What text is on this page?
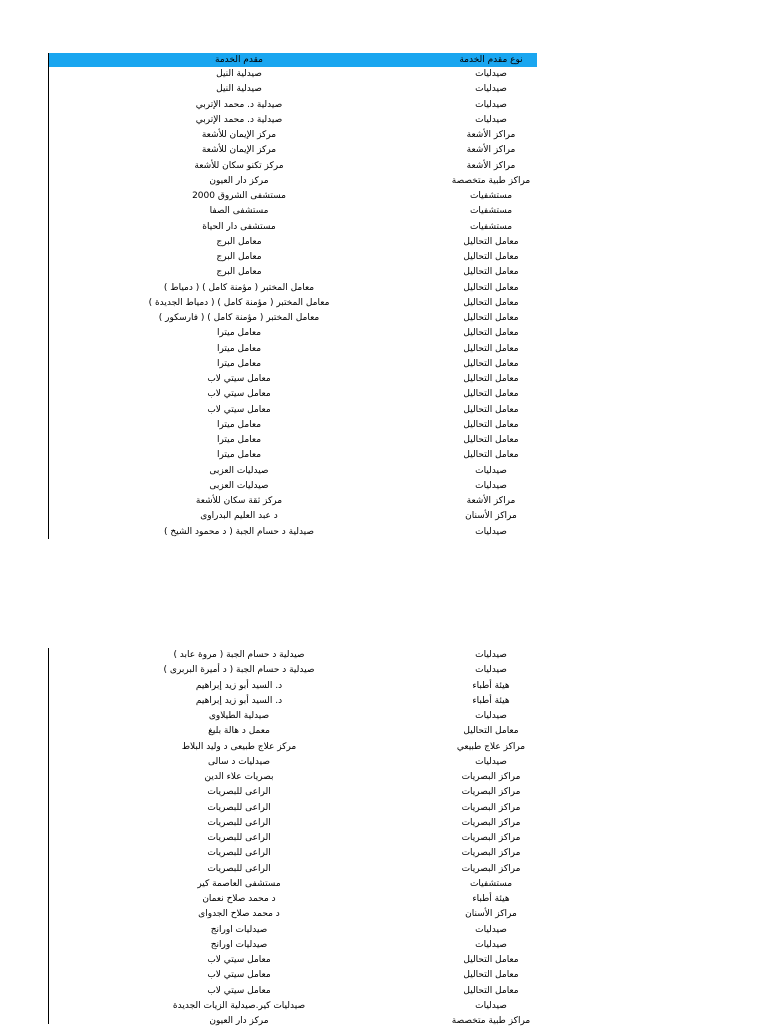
مقدم الخدمة	نوع مقدم الخدمة
صيدلية النيل	صيدليات
صيدلية النيل	صيدليات
صيدلية د. محمد الإتربي	صيدليات
صيدلية د. محمد الإتربي	صيدليات
مركز الإيمان للأشعة	مراكز الأشعة
مركز الإيمان للأشعة	مراكز الأشعة
مركز تكنو سكان للأشعة	مراكز الأشعة
مركز دار العيون	مراكز طبية متخصصة
مستشفى الشروق 2000	مستشفيات
مستشفى الصفا	مستشفيات
مستشفى دار الحياة	مستشفيات
معامل البرج	معامل التحاليل
معامل البرج	معامل التحاليل
معامل البرج	معامل التحاليل
معامل المختبر ( مؤمنة كامل ) ( دمياط )	معامل التحاليل
معامل المختبر ( مؤمنة كامل ) ( دمياط الجديدة )	معامل التحاليل
معامل المختبر ( مؤمنة كامل ) ( فارسكور )	معامل التحاليل
معامل ميترا	معامل التحاليل
معامل ميترا	معامل التحاليل
معامل ميترا	معامل التحاليل
معامل سيتي لاب	معامل التحاليل
معامل سيتي لاب	معامل التحاليل
معامل سيتي لاب	معامل التحاليل
معامل ميترا	معامل التحاليل
معامل ميترا	معامل التحاليل
معامل ميترا	معامل التحاليل
صيدليات العزبى	صيدليات
صيدليات العزبى	صيدليات
مركز ثقة سكان للأشعة	مراكز الأشعة
د عبد العليم البدراوى	مراكز الأسنان
صيدلية د حسام الجبة ( د محمود الشيخ )	صيدليات
صيدلية د حسام الجبة ( مروة عابد )	صيدليات
صيدلية د حسام الجبة ( د أميرة البربرى )	صيدليات
د. السيد أبو زيد إبراهيم	هيئة أطباء
د. السيد أبو زيد إبراهيم	هيئة أطباء
صيدلية الطيلاوى	صيدليات
معمل د هالة بليغ	معامل التحاليل
مركز علاج طبيعى د وليد البلاط	مراكز علاج طبيعي
صيدليات د سالى	صيدليات
بصريات علاء الدين	مراكز البصريات
الراعى للبصريات	مراكز البصريات
الراعى للبصريات	مراكز البصريات
الراعى للبصريات	مراكز البصريات
الراعى للبصريات	مراكز البصريات
الراعى للبصريات	مراكز البصريات
الراعى للبصريات	مراكز البصريات
مستشفى العاصمة كير	مستشفيات
د محمد صلاح نعمان	هيئة أطباء
د محمد صلاح الجدواى	مراكز الأسنان
صيدليات اورانج	صيدليات
صيدليات اورانج	صيدليات
معامل سيتي لاب	معامل التحاليل
معامل سيتي لاب	معامل التحاليل
معامل سيتي لاب	معامل التحاليل
صيدليات كير.صيدلية الزيات الجديدة	صيدليات
مركز دار العيون	مراكز طبية متخصصة
